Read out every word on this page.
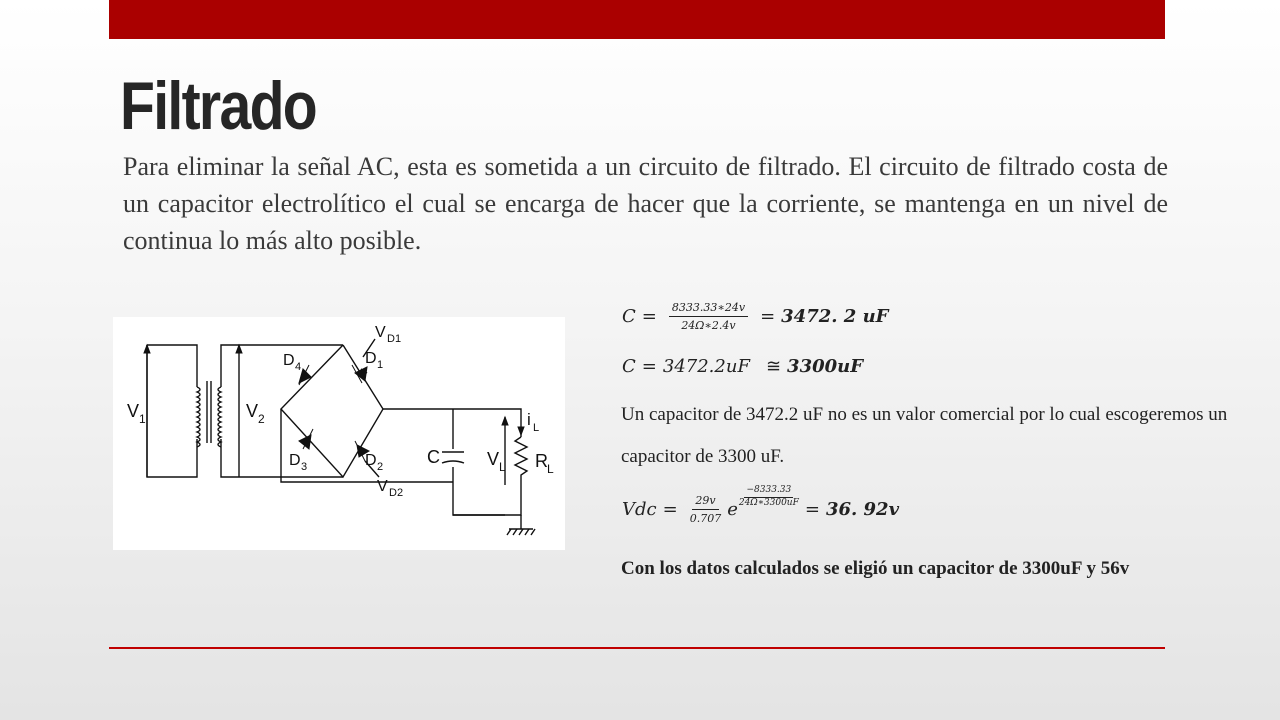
Filtrado

Para eliminar la señal AC, esta es sometida a un circuito de filtrado. El circuito de filtrado costa de un capacitor electrolítico el cual se encarga de hacer que la corriente, se mantenga en un nivel de continua lo más alto posible.

V 1	V 2
D 4	D 1
V D1
D 3	D 2
V D2
C	V L R L
i L
$C = \frac{8333.33∗24v}{24\Omega∗2.4v} = 3472$. 2 uF
C = 3472.2uF ≅ 3300uF

Un capacitor de 3472.2 uF no es un valor comercial por lo cual escogeremos un capacitor de 3300 uF.

Vdc = $\frac{29v}{0.707}$ e
$\frac{-8333.33}{24\Omega∗3300uF}$
= 36. 92v

Con los datos calculados se eligió un capacitor de 3300uF y 56v
